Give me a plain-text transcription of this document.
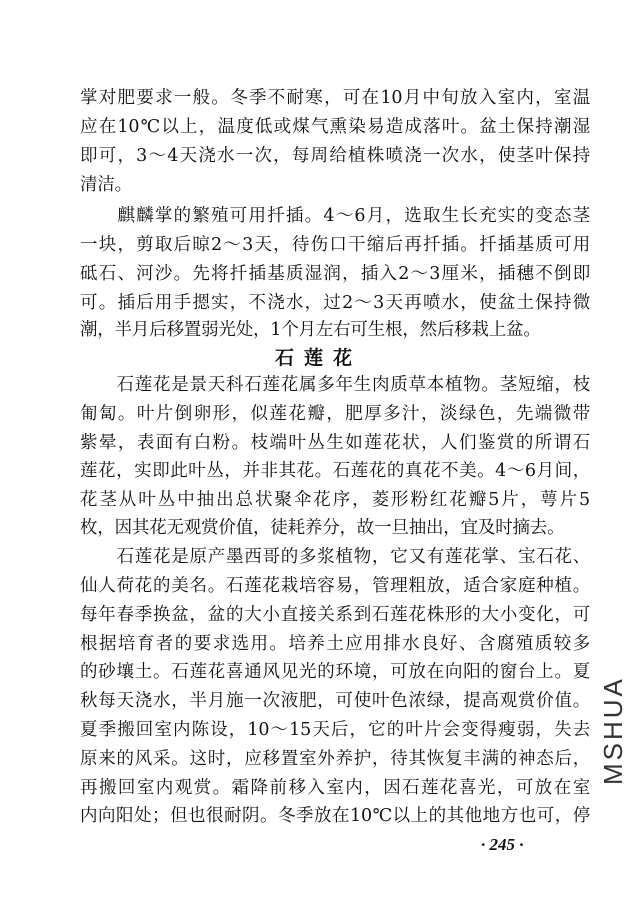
掌对肥要求一般。冬季不耐寒，可在10月中旬放入室内，室温
应在10℃以上，温度低或煤气熏染易造成落叶。盆土保持潮湿
即可，3～4天浇水一次，每周给植株喷浇一次水，使茎叶保持
清洁。
　　麒麟掌的繁殖可用扦插。4～6月，选取生长充实的变态茎
一块，剪取后晾2～3天，待伤口干缩后再扦插。扦插基质可用
砥石、河沙。先将扦插基质湿润，插入2～3厘米，插穗不倒即
可。插后用手摁实，不浇水，过2～3天再喷水，使盆土保持微
潮，半月后移置弱光处，1个月左右可生根，然后移栽上盆。
石莲花
　　石莲花是景天科石莲花属多年生肉质草本植物。茎短缩，枝
匍匐。叶片倒卵形，似莲花瓣，肥厚多汁，淡绿色，先端微带
紫晕，表面有白粉。枝端叶丛生如莲花状，人们鉴赏的所谓石
莲花，实即此叶丛，并非其花。石莲花的真花不美。4～6月间，
花茎从叶丛中抽出总状聚伞花序，菱形粉红花瓣5片，萼片5
枚，因其花无观赏价值，徒耗养分，故一旦抽出，宜及时摘去。
　　石莲花是原产墨西哥的多浆植物，它又有莲花掌、宝石花、
仙人荷花的美名。石莲花栽培容易，管理粗放，适合家庭种植。
每年春季换盆，盆的大小直接关系到石莲花株形的大小变化，可
根据培育者的要求选用。培养土应用排水良好、含腐殖质较多
的砂壤土。石莲花喜通风见光的环境，可放在向阳的窗台上。夏
秋每天浇水，半月施一次液肥，可使叶色浓绿，提高观赏价值。
夏季搬回室内陈设，10～15天后，它的叶片会变得瘦弱，失去
原来的风采。这时，应移置室外养护，待其恢复丰满的神态后，
再搬回室内观赏。霜降前移入室内，因石莲花喜光，可放在室
内向阳处；但也很耐阴。冬季放在10℃以上的其他地方也可，停
· 245 ·
MSHUA
